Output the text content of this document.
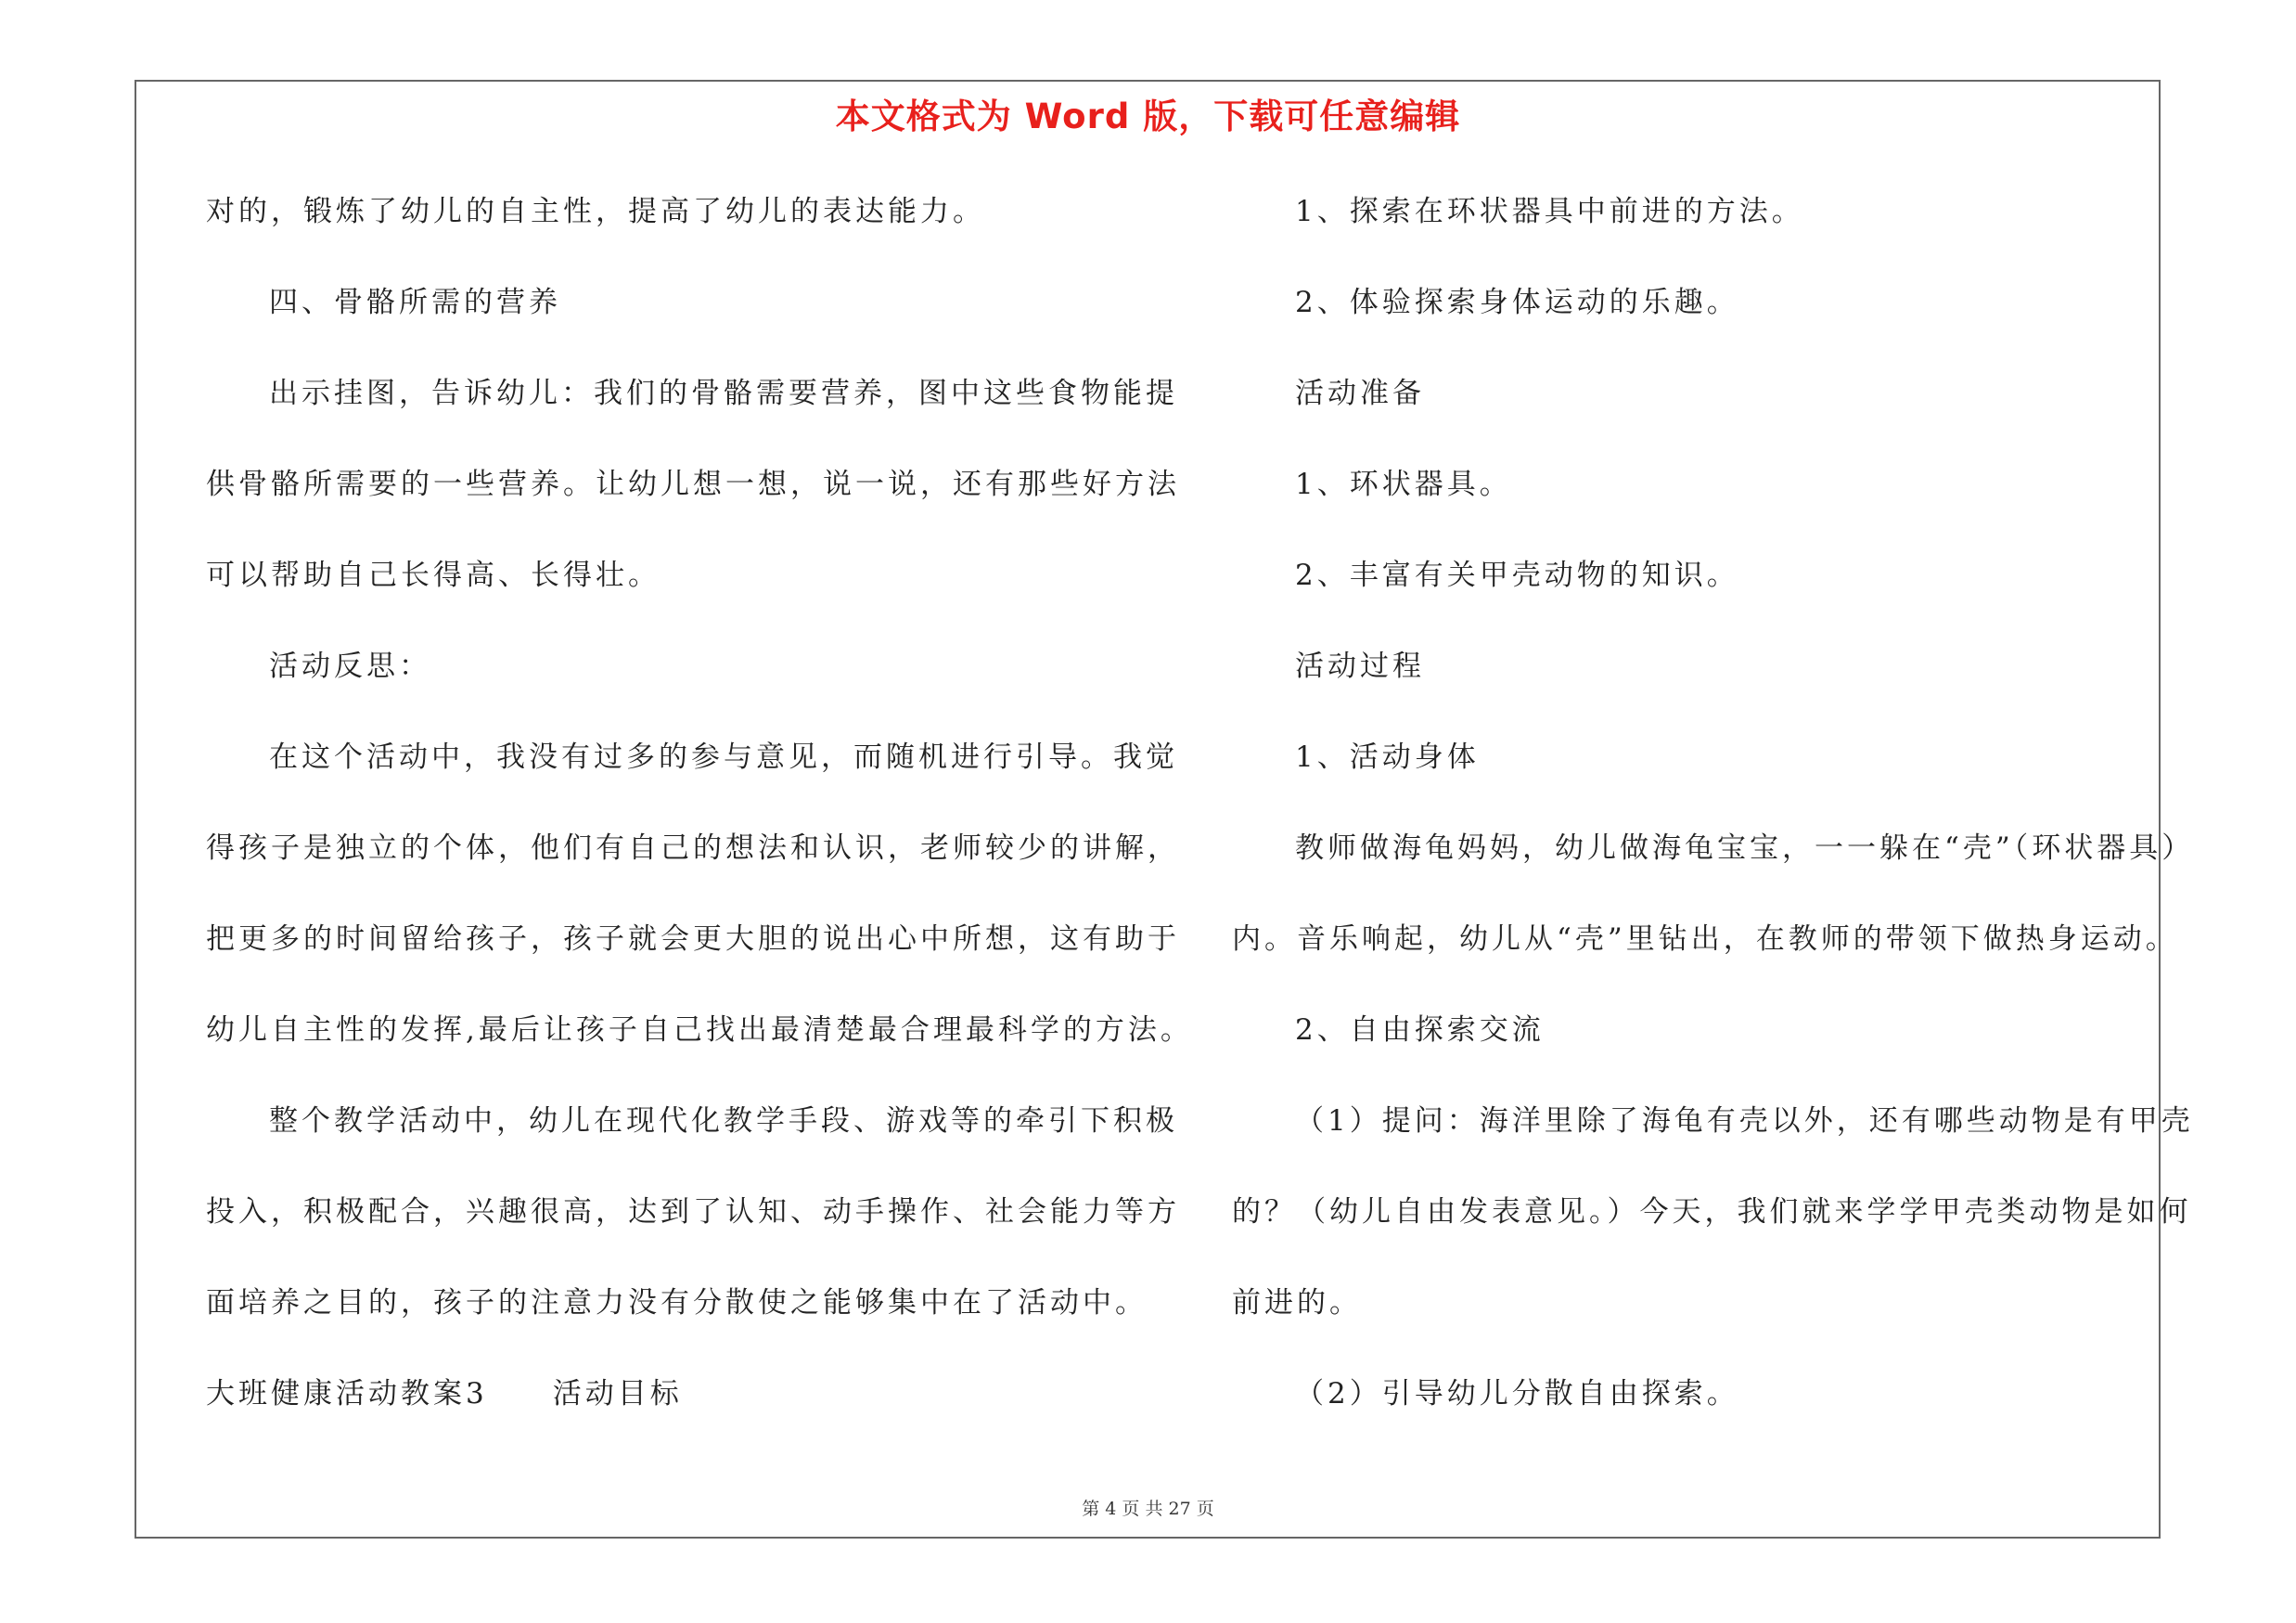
本文格式为 Word 版，下载可任意编辑
对的，锻炼了幼儿的自主性，提高了幼儿的表达能力。
四、骨骼所需的营养
出示挂图，告诉幼儿：我们的骨骼需要营养，图中这些食物能提
供骨骼所需要的一些营养。让幼儿想一想，说一说，还有那些好方法
可以帮助自己长得高、长得壮。
活动反思：
在这个活动中，我没有过多的参与意见，而随机进行引导。我觉
得孩子是独立的个体，他们有自己的想法和认识，老师较少的讲解，
把更多的时间留给孩子，孩子就会更大胆的说出心中所想，这有助于
幼儿自主性的发挥,最后让孩子自己找出最清楚最合理最科学的方法。
整个教学活动中，幼儿在现代化教学手段、游戏等的牵引下积极
投入，积极配合，兴趣很高，达到了认知、动手操作、社会能力等方
面培养之目的，孩子的注意力没有分散使之能够集中在了活动中。
大班健康活动教案3　　活动目标
1、探索在环状器具中前进的方法。
2、体验探索身体运动的乐趣。
活动准备
1、环状器具。
2、丰富有关甲壳动物的知识。
活动过程
1、活动身体
教师做海龟妈妈，幼儿做海龟宝宝，一一躲在“壳”（环状器具）
内。音乐响起，幼儿从“壳”里钻出，在教师的带领下做热身运动。
2、自由探索交流
（1）提问：海洋里除了海龟有壳以外，还有哪些动物是有甲壳
的？（幼儿自由发表意见。）今天，我们就来学学甲壳类动物是如何
前进的。
（2）引导幼儿分散自由探索。
第 4 页 共 27 页
